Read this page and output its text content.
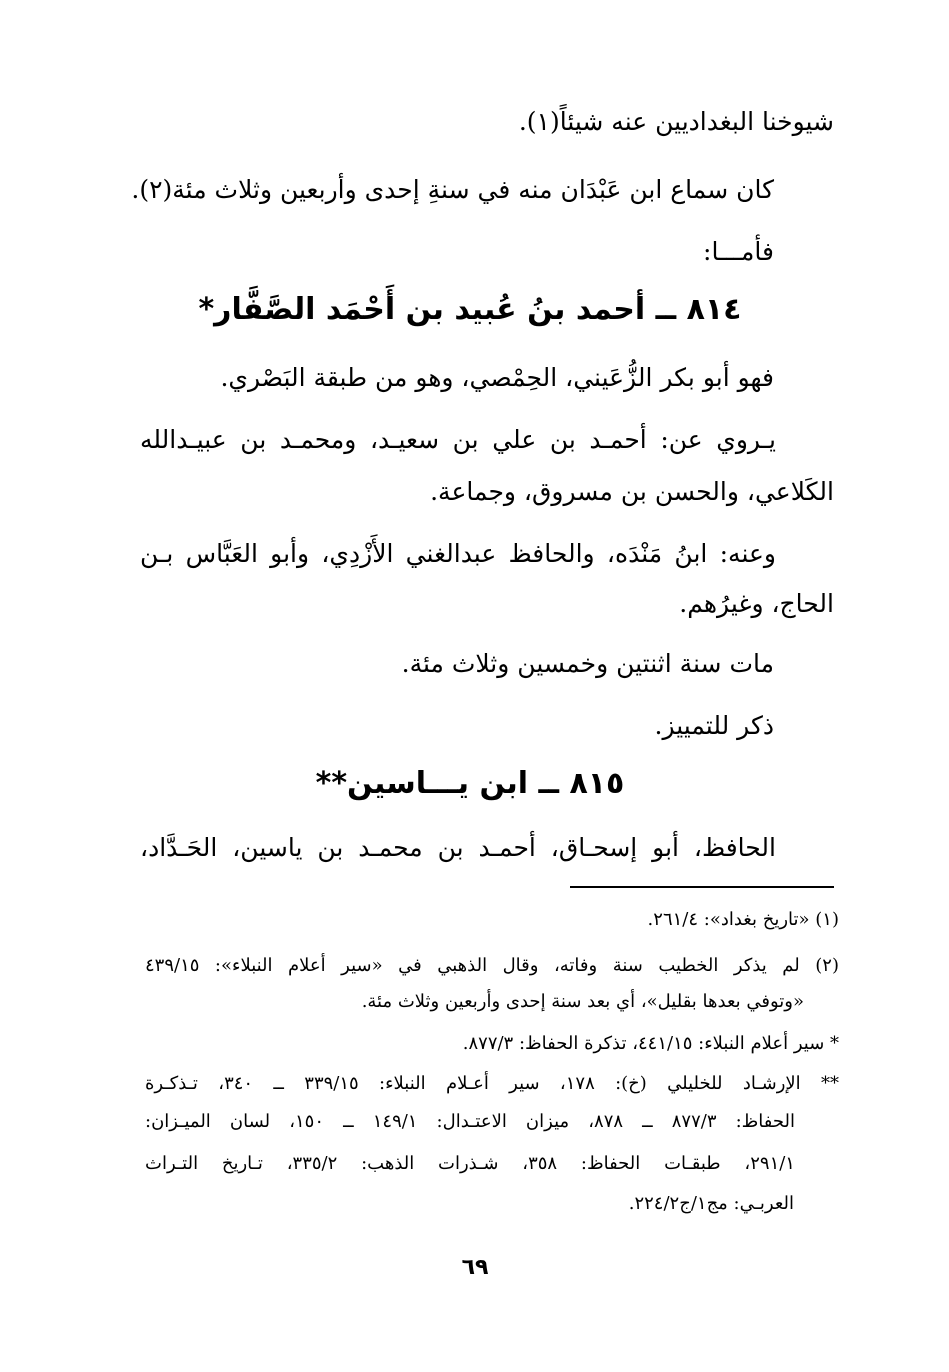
شيوخنا البغداديين عنه شيئاً(١).
كان سماع ابن عَبْدَان منه في سنةِ إحدى وأربعين وثلاث مئة(٢).
فأمـــا:
٨١٤ ــ أحمد بنُ عُبيد بن أَحْمَد الصَّفَّار*
فهو أبو بكر الزُّعَيني، الحِمْصي، وهو من طبقة البَصْري.
يـروي عن: أحمـد بن علي بن سعيـد، ومحمـد بن عبيـدالله
الكَلاعي، والحسن بن مسروق، وجماعة.
وعنه: ابنُ مَنْدَه، والحافظ عبدالغني الأَزْدِي، وأبو العَبَّاس بـن
الحاج، وغيرُهم.
مات سنة اثنتين وخمسين وثلاث مئة.
ذكر للتمييز.
٨١٥ ــ ابن يـــاسين**
الحافظ، أبو إسحـاق، أحمـد بن محمـد بن ياسين، الحَـدَّاد،
(١) «تاريخ بغداد»: ٢٦١/٤.
(٢) لم يذكر الخطيب سنة وفاته، وقال الذهبي في «سير أعلام النبلاء»: ٤٣٩/١٥
«وتوفي بعدها بقليل»، أي بعد سنة إحدى وأربعين وثلاث مئة.
* سير أعلام النبلاء: ٤٤١/١٥، تذكرة الحفاظ: ٨٧٧/٣.
** الإرشـاد للخليلي (خ): ١٧٨، سير أعـلام النبلاء: ٣٣٩/١٥ ــ ٣٤٠، تـذكـرة
الحفاظ: ٨٧٧/٣ ــ ٨٧٨، ميزان الاعتـدال: ١٤٩/١ ــ ١٥٠، لسان الميـزان:
٢٩١/١، طبقـات الحفاظ: ٣٥٨، شـذرات الذهب: ٣٣٥/٢، تـاريخ التـراث
العربـي: مج١/ج٢٢٤/٢.
٦٩
